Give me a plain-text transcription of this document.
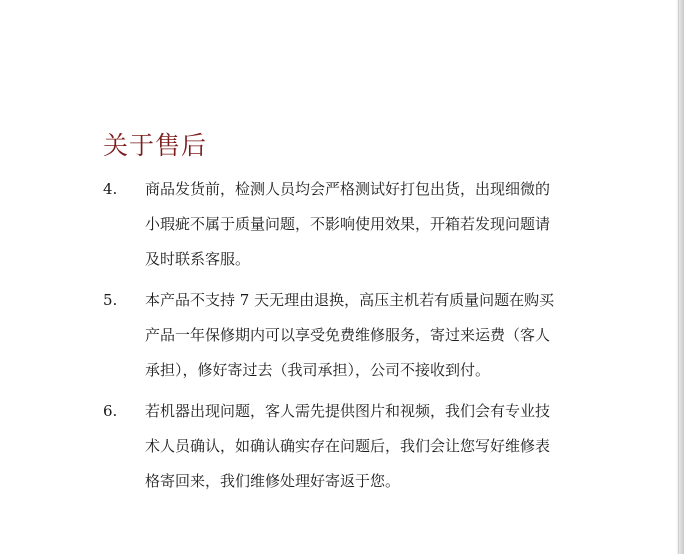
关于售后
4.	商品发货前，检测人员均会严格测试好打包出货，出现细微的
小瑕疵不属于质量问题，不影响使用效果，开箱若发现问题请
及时联系客服。
5.	本产品不支持 7 天无理由退换，高压主机若有质量问题在购买
产品一年保修期内可以享受免费维修服务，寄过来运费（客人
承担），修好寄过去（我司承担），公司不接收到付。
6.	若机器出现问题，客人需先提供图片和视频，我们会有专业技
术人员确认，如确认确实存在问题后，我们会让您写好维修表
格寄回来，我们维修处理好寄返于您。
